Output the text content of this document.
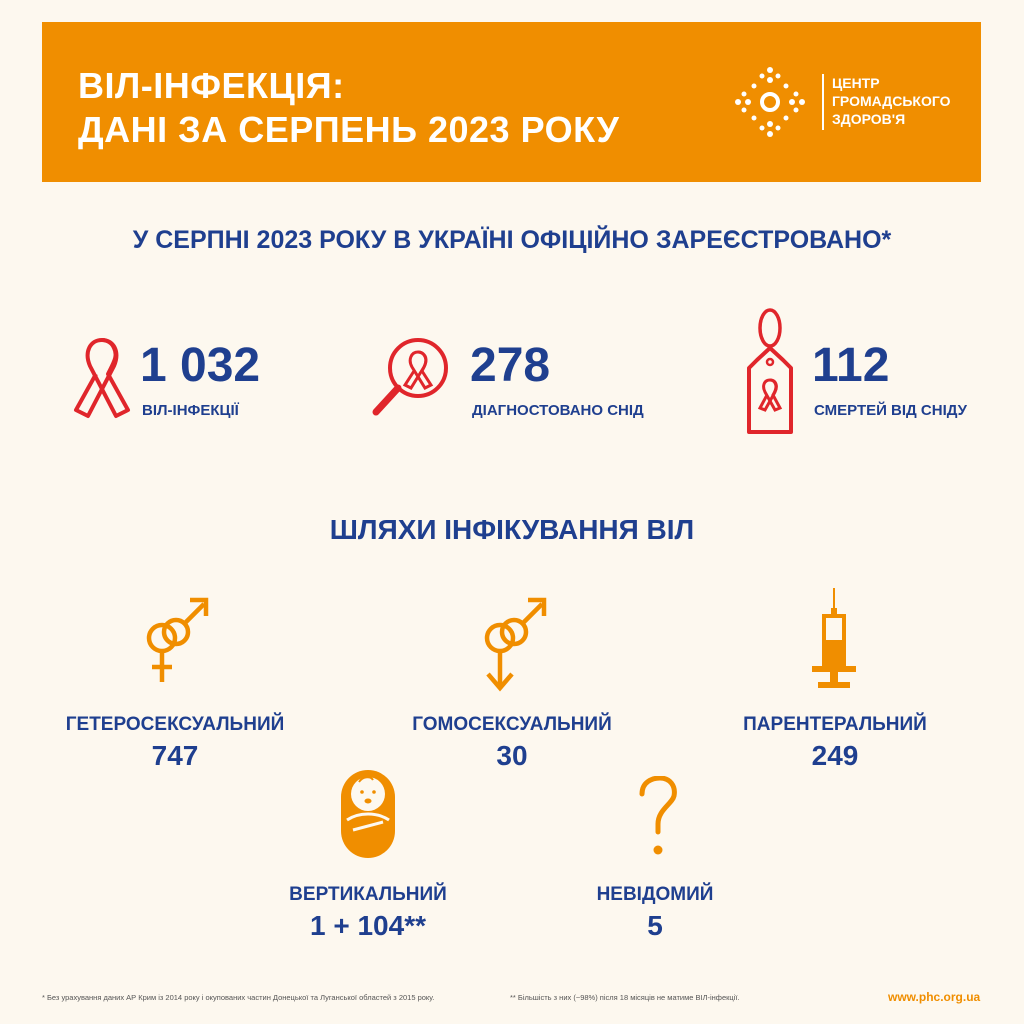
ВІЛ-ІНФЕКЦІЯ:
ДАНІ ЗА СЕРПЕНЬ 2023 РОКУ
ЦЕНТР
ГРОМАДСЬКОГО
ЗДОРОВ'Я
У СЕРПНІ 2023 РОКУ В УКРАЇНІ ОФІЦІЙНО ЗАРЕЄСТРОВАНО*
1 032
ВІЛ-ІНФЕКЦІЇ
278
ДІАГНОСТОВАНО СНІД
112
СМЕРТЕЙ ВІД СНІДУ
ШЛЯХИ ІНФІКУВАННЯ ВІЛ
ГЕТЕРОСЕКСУАЛЬНИЙ
747
ГОМОСЕКСУАЛЬНИЙ
30
ПАРЕНТЕРАЛЬНИЙ
249
ВЕРТИКАЛЬНИЙ
1 + 104**
НЕВІДОМИЙ
5
* Без урахування даних АР Крим із 2014 року і окупованих частин Донецької та Луганської областей з 2015 року.	** Більшість з них (~98%) після 18 місяців не матиме ВІЛ-інфекції.	www.phc.org.ua
